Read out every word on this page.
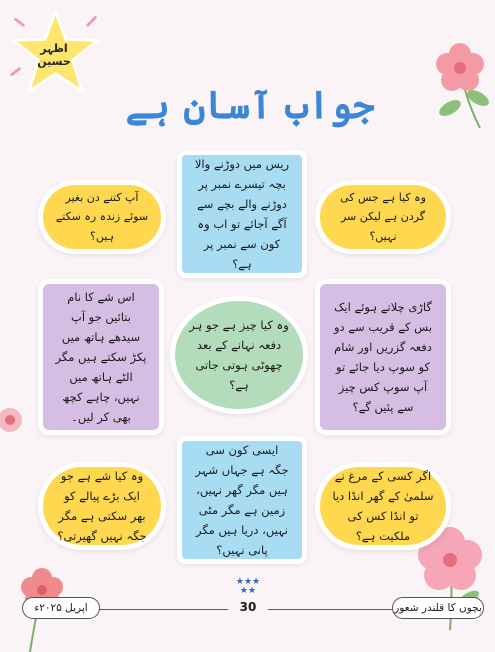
اظہر حسین
جواب آسان ہے
آپ کتنے دن بغیر سوئے زندہ رہ سکتے ہیں؟
ریس میں دوڑنے والا بچہ تیسرے نمبر پر دوڑنے والے بچے سے آگے آجائے تو اب وہ کون سے نمبر پر ہے؟
وہ کیا ہے جس کی گردن ہے لیکن سر نہیں؟
اس شے کا نام بتائیں جو آپ سیدھے ہاتھ میں پکڑ سکتے ہیں مگر الٹے ہاتھ میں نہیں، چاہے کچھ بھی کر لیں۔
وہ کیا چیز ہے جو ہر دفعہ نہانے کے بعد چھوٹی ہوتی جاتی ہے؟
گاڑی چلاتے ہوئے ایک بس کے قریب سے دو دفعہ گزریں اور شام کو سوپ دیا جائے تو آپ سوپ کس چیز سے پئیں گے؟
وہ کیا شے ہے جو ایک بڑے پیالے کو بھر سکتی ہے مگر جگہ نہیں گھیرتی؟
ایسی کون سی جگہ ہے جہاں شہر ہیں مگر گھر نہیں، زمین ہے مگر مٹی نہیں، دریا ہیں مگر پانی نہیں؟
اگر کسی کے مرغ نے سلمیٰ کے گھر انڈا دیا تو انڈا کس کی ملکیت ہے؟
★★★
★★
اپریل ۲۰۲۵ء	30	بچوں کا قلندر شعور
